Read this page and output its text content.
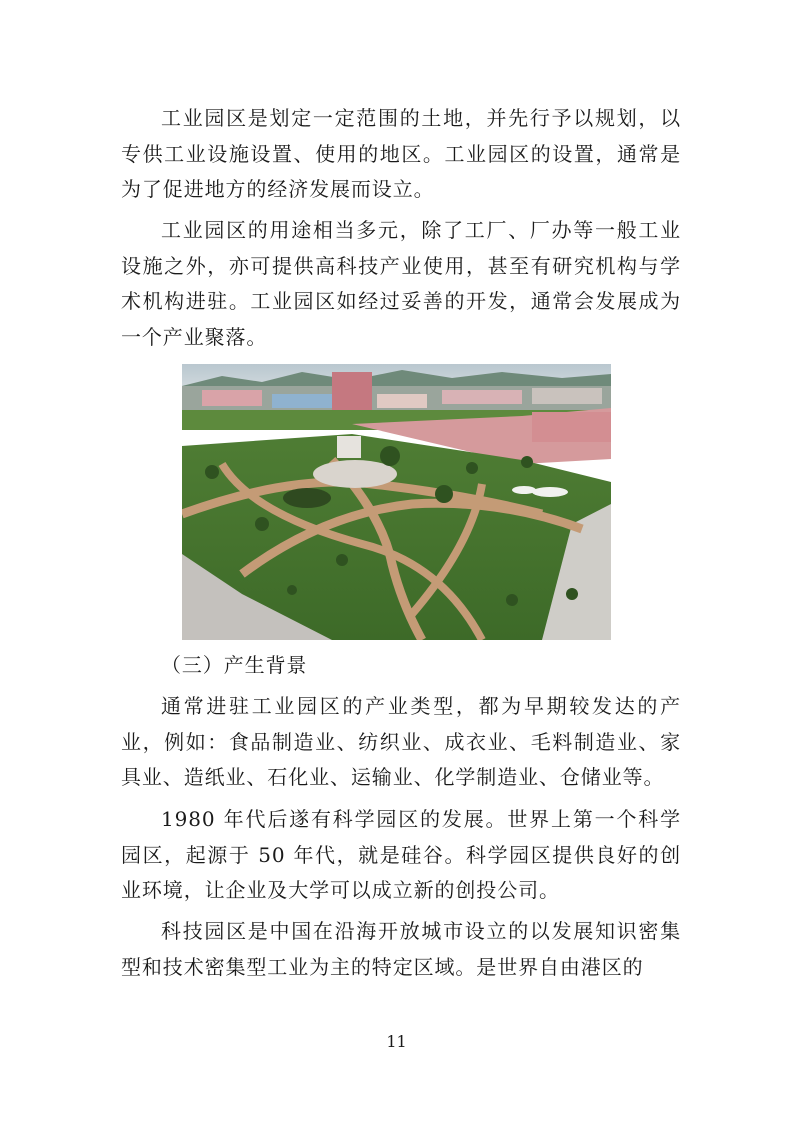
工业园区是划定一定范围的土地，并先行予以规划，以专供工业设施设置、使用的地区。工业园区的设置，通常是为了促进地方的经济发展而设立。

工业园区的用途相当多元，除了工厂、厂办等一般工业设施之外，亦可提供高科技产业使用，甚至有研究机构与学术机构进驻。工业园区如经过妥善的开发，通常会发展成为一个产业聚落。

（三）产生背景

通常进驻工业园区的产业类型，都为早期较发达的产业，例如：食品制造业、纺织业、成衣业、毛料制造业、家具业、造纸业、石化业、运输业、化学制造业、仓储业等。

1980 年代后遂有科学园区的发展。世界上第一个科学园区，起源于 50 年代，就是硅谷。科学园区提供良好的创业环境，让企业及大学可以成立新的创投公司。

科技园区是中国在沿海开放城市设立的以发展知识密集型和技术密集型工业为主的特定区域。是世界自由港区的

11
